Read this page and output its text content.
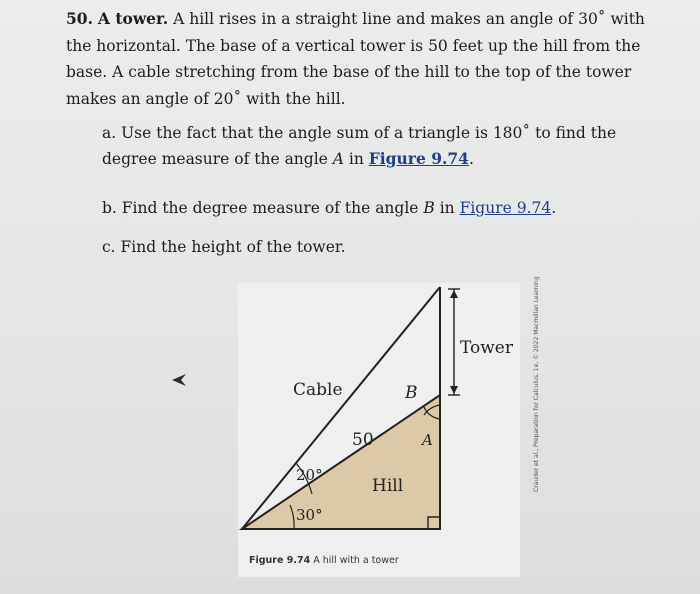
50. A tower. A hill rises in a straight line and makes an angle of 30˚ with the horizontal. The base of a vertical tower is 50 feet up the hill from the base. A cable stretching from the base of the hill to the top of the tower makes an angle of 20˚ with the hill.
a. Use the fact that the angle sum of a triangle is 180˚ to find the degree measure of the angle A in Figure 9.74.
b. Find the degree measure of the angle B in Figure 9.74.
c. Find the height of the tower.
Cable
50
Hill
Tower
B
A
20°
30°
Figure 9.74 A hill with a tower
Crauder et al., Preparation for Calculus, 1e, © 2022 Macmillan Learning
